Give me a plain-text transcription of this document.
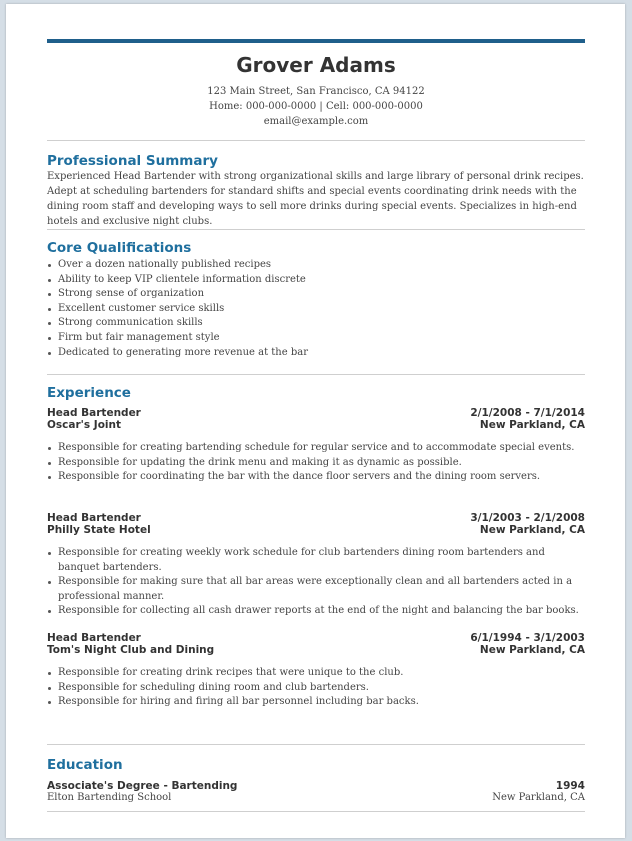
Grover Adams
123 Main Street, San Francisco, CA 94122
Home: 000-000-0000 | Cell: 000-000-0000
email@example.com
Professional Summary
Experienced Head Bartender with strong organizational skills and large library of personal drink recipes. Adept at scheduling bartenders for standard shifts and special events coordinating drink needs with the dining room staff and developing ways to sell more drinks during special events. Specializes in high-end hotels and exclusive night clubs.
Core Qualifications
Over a dozen nationally published recipes
Ability to keep VIP clientele information discrete
Strong sense of organization
Excellent customer service skills
Strong communication skills
Firm but fair management style
Dedicated to generating more revenue at the bar
Experience
Head Bartender	2/1/2008 - 7/1/2014
Oscar's Joint	New Parkland, CA
Responsible for creating bartending schedule for regular service and to accommodate special events.
Responsible for updating the drink menu and making it as dynamic as possible.
Responsible for coordinating the bar with the dance floor servers and the dining room servers.
Head Bartender	3/1/2003 - 2/1/2008
Philly State Hotel	New Parkland, CA
Responsible for creating weekly work schedule for club bartenders dining room bartenders and banquet bartenders.
Responsible for making sure that all bar areas were exceptionally clean and all bartenders acted in a professional manner.
Responsible for collecting all cash drawer reports at the end of the night and balancing the bar books.
Head Bartender	6/1/1994 - 3/1/2003
Tom's Night Club and Dining	New Parkland, CA
Responsible for creating drink recipes that were unique to the club.
Responsible for scheduling dining room and club bartenders.
Responsible for hiring and firing all bar personnel including bar backs.
Education
Associate's Degree - Bartending	1994
Elton Bartending School	New Parkland, CA
